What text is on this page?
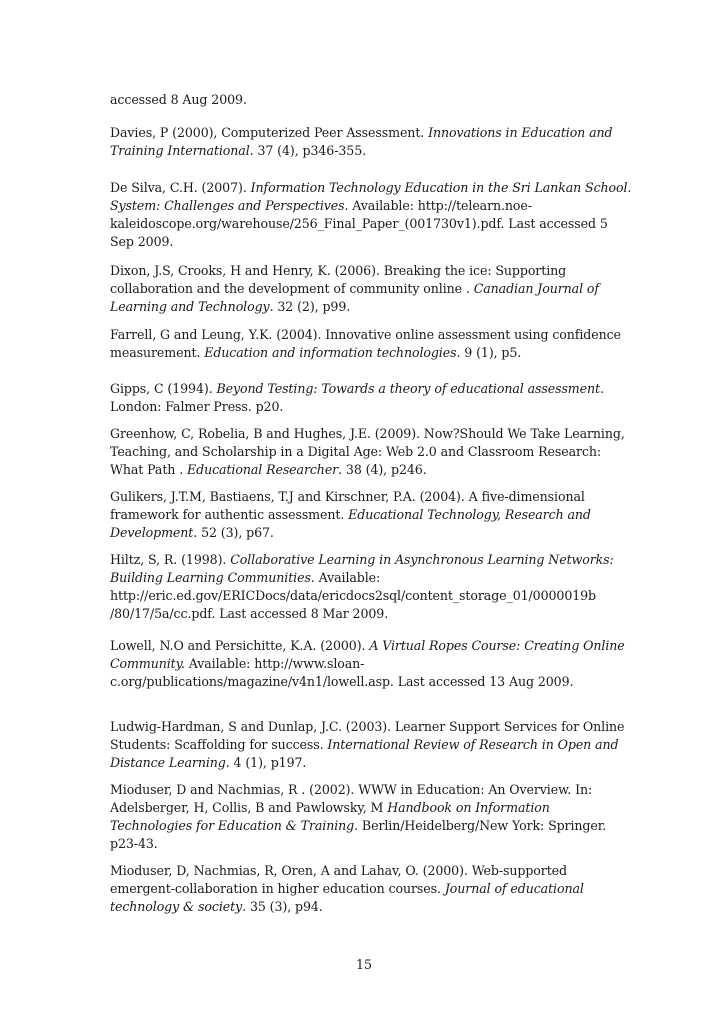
accessed 8 Aug 2009.

Davies, P (2000), Computerized Peer Assessment. Innovations in Education and
Training International. 37 (4), p346-355.

De Silva, C.H. (2007). Information Technology Education in the Sri Lankan School.
System: Challenges and Perspectives. Available: http://telearn.noe-
kaleidoscope.org/warehouse/256_Final_Paper_(001730v1).pdf. Last accessed 5
Sep 2009.

Dixon, J.S, Crooks, H and Henry, K. (2006). Breaking the ice: Supporting
collaboration and the development of community online . Canadian Journal of
Learning and Technology. 32 (2), p99.

Farrell, G and Leung, Y.K. (2004). Innovative online assessment using confidence
measurement. Education and information technologies. 9 (1), p5.

Gipps, C (1994). Beyond Testing: Towards a theory of educational assessment.
London: Falmer Press. p20.

Greenhow, C, Robelia, B and Hughes, J.E. (2009). Now?Should We Take Learning,
Teaching, and Scholarship in a Digital Age: Web 2.0 and Classroom Research:
What Path . Educational Researcher. 38 (4), p246.

Gulikers, J.T.M, Bastiaens, T.J and Kirschner, P.A. (2004). A five-dimensional
framework for authentic assessment. Educational Technology, Research and
Development. 52 (3), p67.

Hiltz, S, R. (1998). Collaborative Learning in Asynchronous Learning Networks:
Building Learning Communities. Available:
http://eric.ed.gov/ERICDocs/data/ericdocs2sql/content_storage_01/0000019b
/80/17/5a/cc.pdf. Last accessed 8 Mar 2009.

Lowell, N.O and Persichitte, K.A. (2000). A Virtual Ropes Course: Creating Online
Community. Available: http://www.sloan-
c.org/publications/magazine/v4n1/lowell.asp. Last accessed 13 Aug 2009.

Ludwig-Hardman, S and Dunlap, J.C. (2003). Learner Support Services for Online
Students: Scaffolding for success. International Review of Research in Open and
Distance Learning. 4 (1), p197.

Mioduser, D and Nachmias, R . (2002). WWW in Education: An Overview. In:
Adelsberger, H, Collis, B and Pawlowsky, M Handbook on Information
Technologies for Education & Training. Berlin/Heidelberg/New York: Springer.
p23-43.

Mioduser, D, Nachmias, R, Oren, A and Lahav, O. (2000). Web-supported
emergent-collaboration in higher education courses. Journal of educational
technology & society. 35 (3), p94.

15
